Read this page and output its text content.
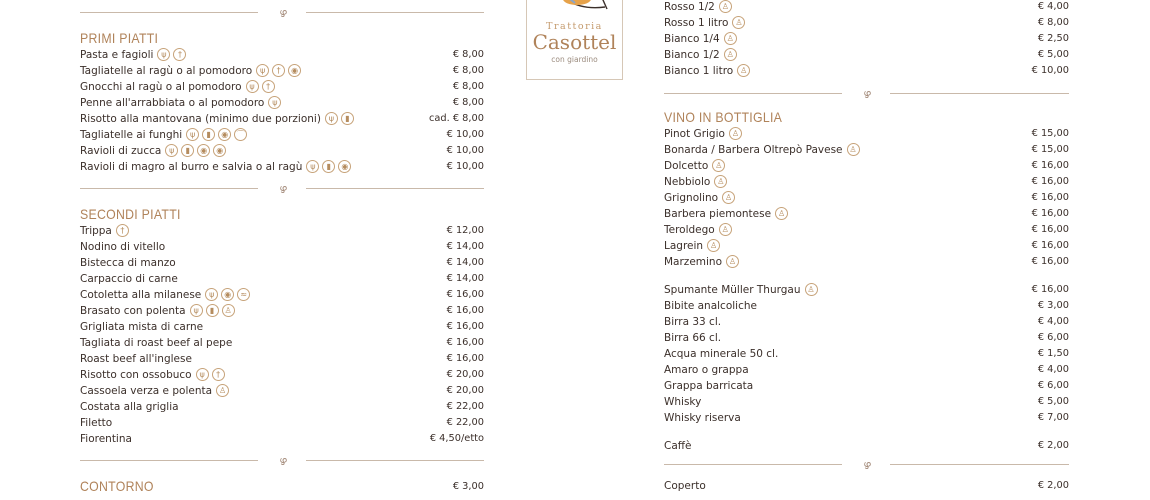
ഴ
PRIMI PIATTI
Pasta e fagioli ψ †	€ 8,00
Tagliatelle al ragù o al pomodoro ψ † ◉	€ 8,00
Gnocchi al ragù o al pomodoro ψ †	€ 8,00
Penne all'arrabbiata o al pomodoro ψ	€ 8,00
Risotto alla mantovana (minimo due porzioni) ψ ▮	cad. € 8,00
Tagliatelle ai funghi ψ ▮ ◉ ⌒	€ 10,00
Ravioli di zucca ψ ▮ ◉ ◉	€ 10,00
Ravioli di magro al burro e salvia o al ragù ψ ▮ ◉	€ 10,00
ഴ
SECONDI PIATTI
Trippa †	€ 12,00
Nodino di vitello	€ 14,00
Bistecca di manzo	€ 14,00
Carpaccio di carne	€ 14,00
Cotoletta alla milanese ψ ◉ ≈	€ 16,00
Brasato con polenta ψ ▮ ♙	€ 16,00
Grigliata mista di carne	€ 16,00
Tagliata di roast beef al pepe	€ 16,00
Roast beef all'inglese	€ 16,00
Risotto con ossobuco ψ †	€ 20,00
Cassoela verza e polenta ♙	€ 20,00
Costata alla griglia	€ 22,00
Filetto	€ 22,00
Fiorentina	€ 4,50/etto
ഴ
CONTORNO	€ 3,00
Trattoria
Casottel
con giardino
Rosso 1/2 ♙	€ 4,00
Rosso 1 litro ♙	€ 8,00
Bianco 1/4 ♙	€ 2,50
Bianco 1/2 ♙	€ 5,00
Bianco 1 litro ♙	€ 10,00
ഴ
VINO IN BOTTIGLIA
Pinot Grigio ♙	€ 15,00
Bonarda / Barbera Oltrepò Pavese ♙	€ 15,00
Dolcetto ♙	€ 16,00
Nebbiolo ♙	€ 16,00
Grignolino ♙	€ 16,00
Barbera piemontese ♙	€ 16,00
Teroldego ♙	€ 16,00
Lagrein ♙	€ 16,00
Marzemino ♙	€ 16,00
Spumante Müller Thurgau ♙	€ 16,00
Bibite analcoliche	€ 3,00
Birra 33 cl.	€ 4,00
Birra 66 cl.	€ 6,00
Acqua minerale 50 cl.	€ 1,50
Amaro o grappa	€ 4,00
Grappa barricata	€ 6,00
Whisky	€ 5,00
Whisky riserva	€ 7,00
Caffè	€ 2,00
ഴ
Coperto	€ 2,00
